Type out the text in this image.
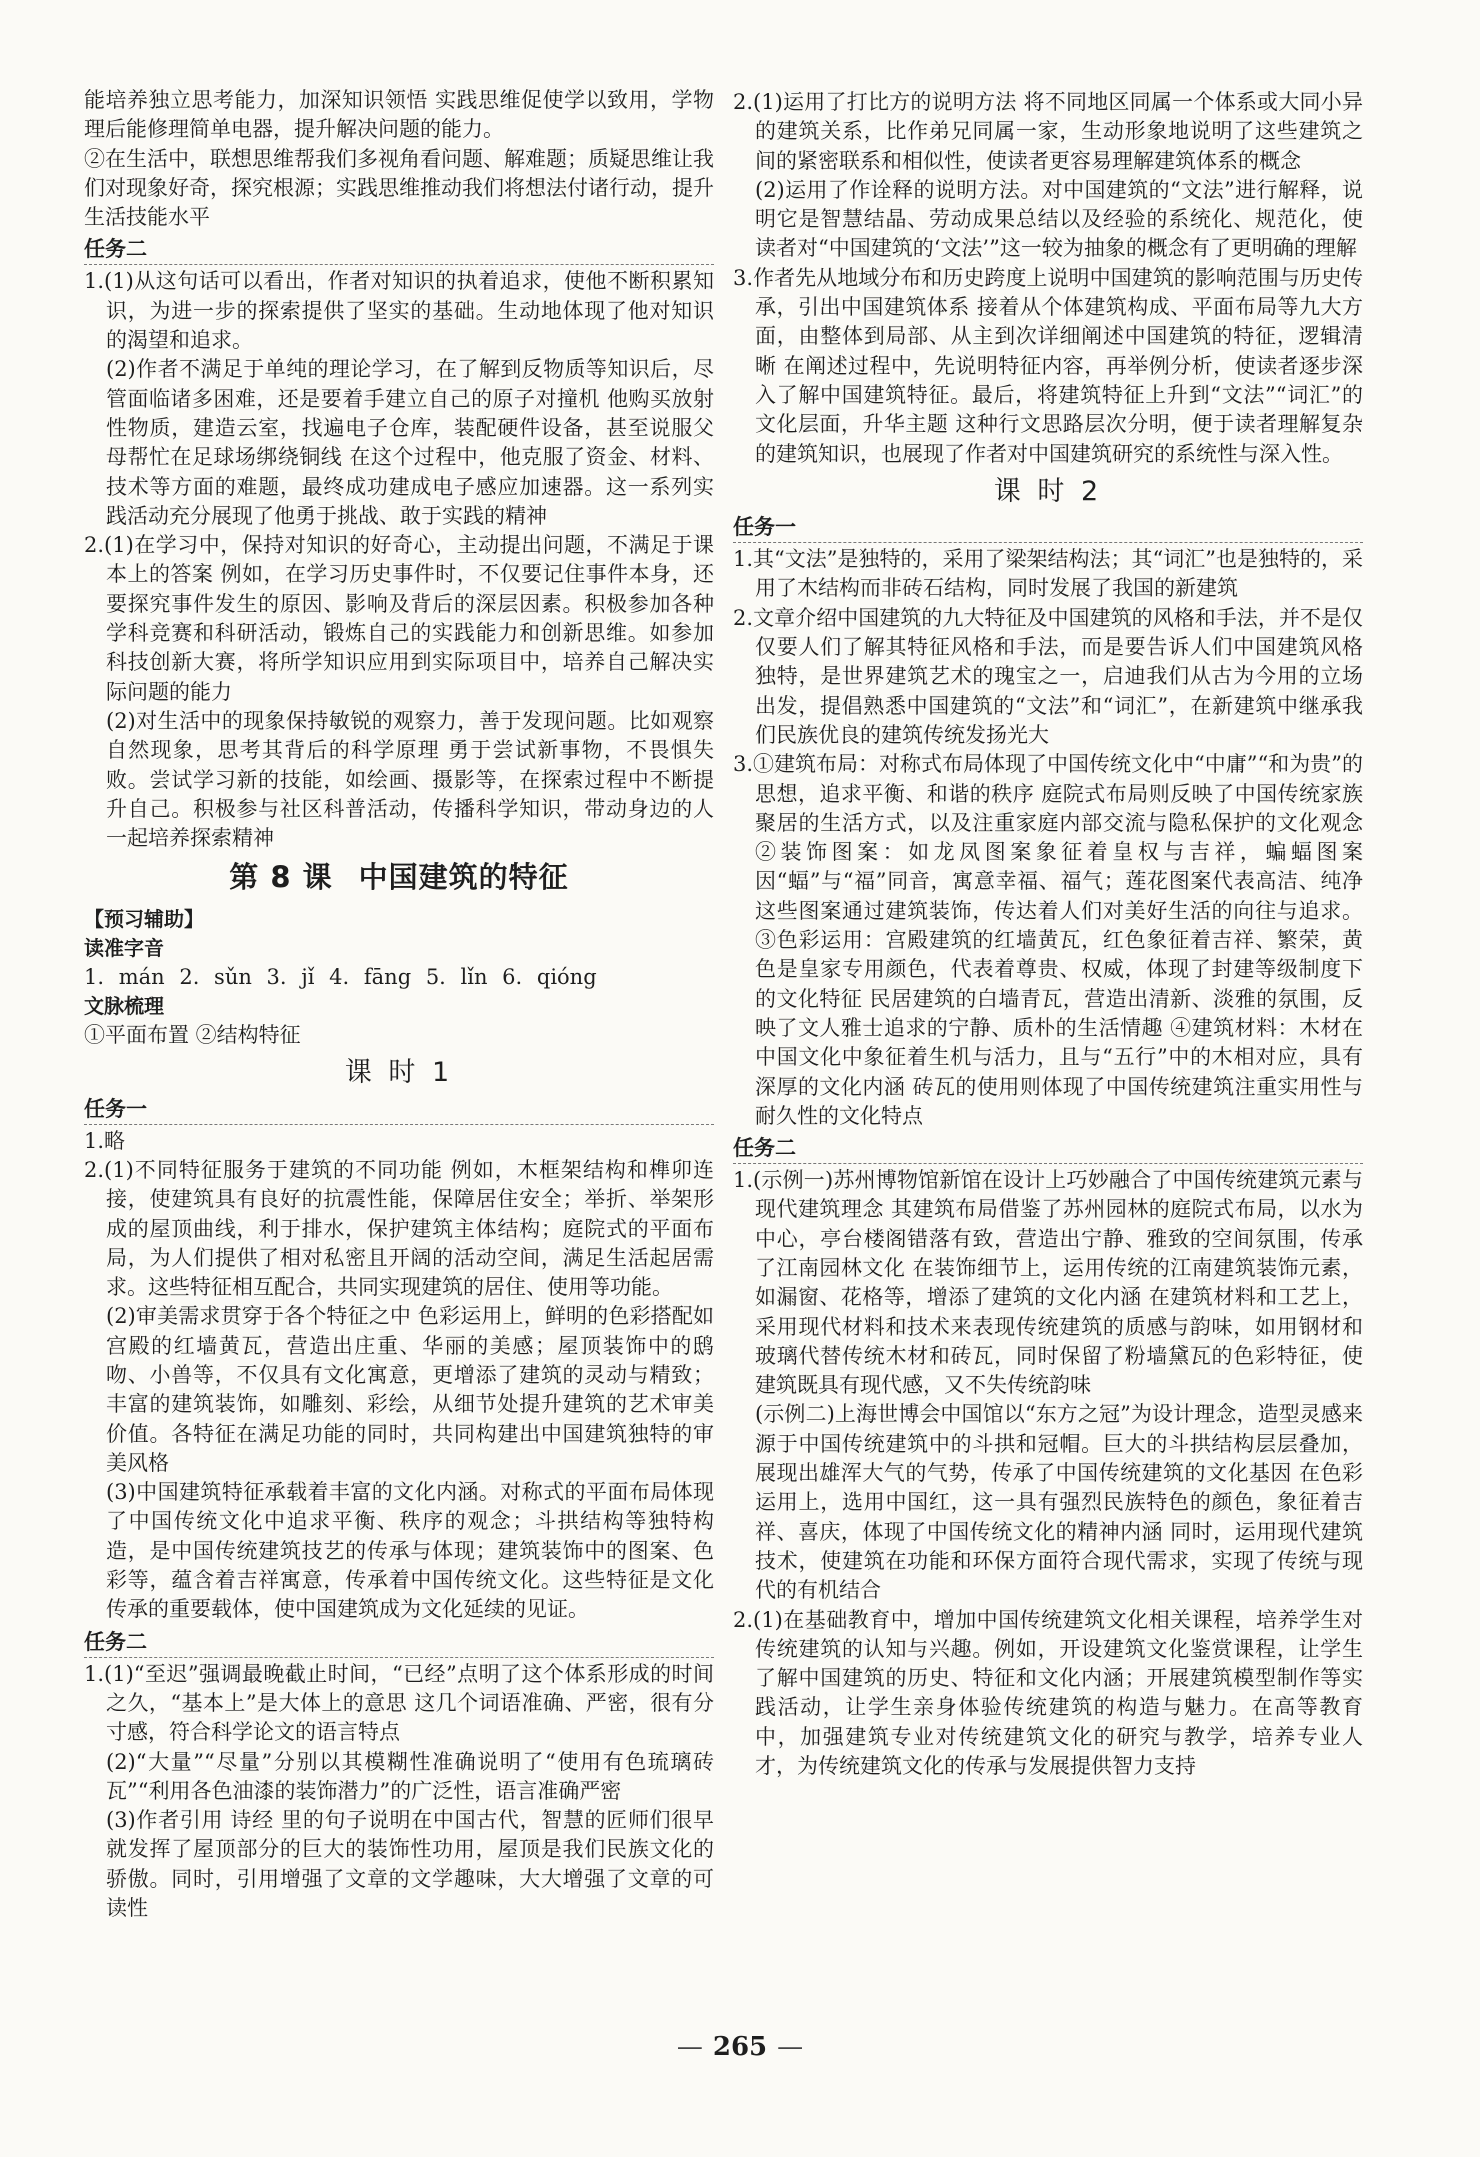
能培养独立思考能力，加深知识领悟 实践思维促使学以致用，学物理后能修理简单电器，提升解决问题的能力。

②在生活中，联想思维帮我们多视角看问题、解难题；质疑思维让我们对现象好奇，探究根源；实践思维推动我们将想法付诸行动，提升生活技能水平

任务二

1.(1)从这句话可以看出，作者对知识的执着追求，使他不断积累知识，为进一步的探索提供了坚实的基础。生动地体现了他对知识的渴望和追求。

(2)作者不满足于单纯的理论学习，在了解到反物质等知识后，尽管面临诸多困难，还是要着手建立自己的原子对撞机 他购买放射性物质，建造云室，找遍电子仓库，装配硬件设备，甚至说服父母帮忙在足球场绑绕铜线 在这个过程中，他克服了资金、材料、技术等方面的难题，最终成功建成电子感应加速器。这一系列实践活动充分展现了他勇于挑战、敢于实践的精神

2.(1)在学习中，保持对知识的好奇心，主动提出问题，不满足于课本上的答案 例如，在学习历史事件时，不仅要记住事件本身，还要探究事件发生的原因、影响及背后的深层因素。积极参加各种学科竞赛和科研活动，锻炼自己的实践能力和创新思维。如参加科技创新大赛，将所学知识应用到实际项目中，培养自己解决实际问题的能力

(2)对生活中的现象保持敏锐的观察力，善于发现问题。比如观察自然现象，思考其背后的科学原理 勇于尝试新事物，不畏惧失败。尝试学习新的技能，如绘画、摄影等，在探索过程中不断提升自己。积极参与社区科普活动，传播科学知识，带动身边的人一起培养探索精神

第 8 课 中国建筑的特征
【预习辅助】
读准字音
1. mán 2. sǔn 3. jǐ 4. fāng 5. lǐn 6. qióng
文脉梳理
①平面布置 ②结构特征
课 时 1
任务一

1.略

2.(1)不同特征服务于建筑的不同功能 例如，木框架结构和榫卯连接，使建筑具有良好的抗震性能，保障居住安全；举折、举架形成的屋顶曲线，利于排水，保护建筑主体结构；庭院式的平面布局，为人们提供了相对私密且开阔的活动空间，满足生活起居需求。这些特征相互配合，共同实现建筑的居住、使用等功能。

(2)审美需求贯穿于各个特征之中 色彩运用上，鲜明的色彩搭配如宫殿的红墙黄瓦，营造出庄重、华丽的美感；屋顶装饰中的鸱吻、小兽等，不仅具有文化寓意，更增添了建筑的灵动与精致；丰富的建筑装饰，如雕刻、彩绘，从细节处提升建筑的艺术审美价值。各特征在满足功能的同时，共同构建出中国建筑独特的审美风格

(3)中国建筑特征承载着丰富的文化内涵。对称式的平面布局体现了中国传统文化中追求平衡、秩序的观念；斗拱结构等独特构造，是中国传统建筑技艺的传承与体现；建筑装饰中的图案、色彩等，蕴含着吉祥寓意，传承着中国传统文化。这些特征是文化传承的重要载体，使中国建筑成为文化延续的见证。

任务二

1.(1)“至迟”强调最晚截止时间，“已经”点明了这个体系形成的时间之久，“基本上”是大体上的意思 这几个词语准确、严密，很有分寸感，符合科学论文的语言特点

(2)“大量”“尽量”分别以其模糊性准确说明了“使用有色琉璃砖瓦”“利用各色油漆的装饰潜力”的广泛性，语言准确严密

(3)作者引用 诗经 里的句子说明在中国古代，智慧的匠师们很早就发挥了屋顶部分的巨大的装饰性功用，屋顶是我们民族文化的骄傲。同时，引用增强了文章的文学趣味，大大增强了文章的可读性

2.(1)运用了打比方的说明方法 将不同地区同属一个体系或大同小异的建筑关系，比作弟兄同属一家，生动形象地说明了这些建筑之间的紧密联系和相似性，使读者更容易理解建筑体系的概念

(2)运用了作诠释的说明方法。对中国建筑的“文法”进行解释，说明它是智慧结晶、劳动成果总结以及经验的系统化、规范化，使读者对“中国建筑的‘文法’”这一较为抽象的概念有了更明确的理解

3.作者先从地域分布和历史跨度上说明中国建筑的影响范围与历史传承，引出中国建筑体系 接着从个体建筑构成、平面布局等九大方面，由整体到局部、从主到次详细阐述中国建筑的特征，逻辑清晰 在阐述过程中，先说明特征内容，再举例分析，使读者逐步深入了解中国建筑特征。最后，将建筑特征上升到“文法”“词汇”的文化层面，升华主题 这种行文思路层次分明，便于读者理解复杂的建筑知识，也展现了作者对中国建筑研究的系统性与深入性。

课 时 2
任务一

1.其“文法”是独特的，采用了梁架结构法；其“词汇”也是独特的，采用了木结构而非砖石结构，同时发展了我国的新建筑

2.文章介绍中国建筑的九大特征及中国建筑的风格和手法，并不是仅仅要人们了解其特征风格和手法，而是要告诉人们中国建筑风格独特，是世界建筑艺术的瑰宝之一，启迪我们从古为今用的立场出发，提倡熟悉中国建筑的“文法”和“词汇”，在新建筑中继承我们民族优良的建筑传统发扬光大

3.①建筑布局：对称式布局体现了中国传统文化中“中庸”“和为贵”的思想，追求平衡、和谐的秩序 庭院式布局则反映了中国传统家族聚居的生活方式，以及注重家庭内部交流与隐私保护的文化观念 ②装饰图案：如龙凤图案象征着皇权与吉祥，蝙蝠图案因“蝠”与“福”同音，寓意幸福、福气；莲花图案代表高洁、纯净 这些图案通过建筑装饰，传达着人们对美好生活的向往与追求。③色彩运用：宫殿建筑的红墙黄瓦，红色象征着吉祥、繁荣，黄色是皇家专用颜色，代表着尊贵、权威，体现了封建等级制度下的文化特征 民居建筑的白墙青瓦，营造出清新、淡雅的氛围，反映了文人雅士追求的宁静、质朴的生活情趣 ④建筑材料：木材在中国文化中象征着生机与活力，且与“五行”中的木相对应，具有深厚的文化内涵 砖瓦的使用则体现了中国传统建筑注重实用性与耐久性的文化特点

任务二

1.(示例一)苏州博物馆新馆在设计上巧妙融合了中国传统建筑元素与现代建筑理念 其建筑布局借鉴了苏州园林的庭院式布局，以水为中心，亭台楼阁错落有致，营造出宁静、雅致的空间氛围，传承了江南园林文化 在装饰细节上，运用传统的江南建筑装饰元素，如漏窗、花格等，增添了建筑的文化内涵 在建筑材料和工艺上，采用现代材料和技术来表现传统建筑的质感与韵味，如用钢材和玻璃代替传统木材和砖瓦，同时保留了粉墙黛瓦的色彩特征，使建筑既具有现代感，又不失传统韵味

(示例二)上海世博会中国馆以“东方之冠”为设计理念，造型灵感来源于中国传统建筑中的斗拱和冠帽。巨大的斗拱结构层层叠加，展现出雄浑大气的气势，传承了中国传统建筑的文化基因 在色彩运用上，选用中国红，这一具有强烈民族特色的颜色，象征着吉祥、喜庆，体现了中国传统文化的精神内涵 同时，运用现代建筑技术，使建筑在功能和环保方面符合现代需求，实现了传统与现代的有机结合

2.(1)在基础教育中，增加中国传统建筑文化相关课程，培养学生对传统建筑的认知与兴趣。例如，开设建筑文化鉴赏课程，让学生了解中国建筑的历史、特征和文化内涵；开展建筑模型制作等实践活动，让学生亲身体验传统建筑的构造与魅力。在高等教育中，加强建筑专业对传统建筑文化的研究与教学，培养专业人才，为传统建筑文化的传承与发展提供智力支持

— 265 —
